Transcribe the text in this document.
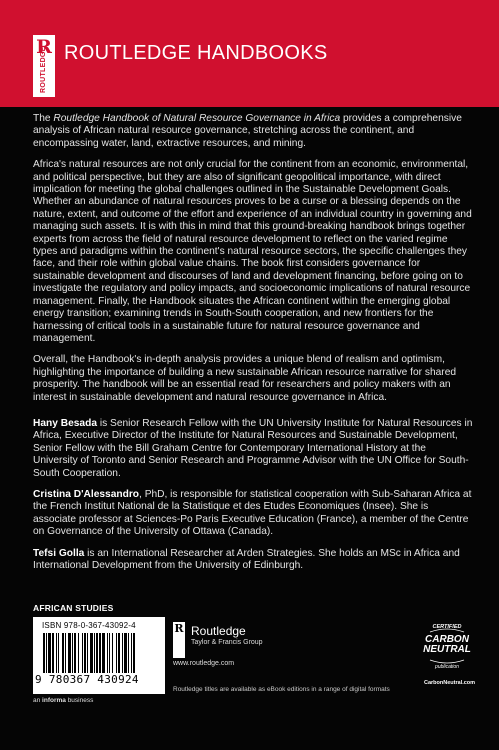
R
ROUTLEDGE ROUTLEDGE HANDBOOKS

The Routledge Handbook of Natural Resource Governance in Africa provides a comprehensive analysis of African natural resource governance, stretching across the continent, and encompassing water, land, extractive resources, and mining.

Africa's natural resources are not only crucial for the continent from an economic, environmental, and political perspective, but they are also of significant geopolitical importance, with direct implication for meeting the global challenges outlined in the Sustainable Development Goals. Whether an abundance of natural resources proves to be a curse or a blessing depends on the nature, extent, and outcome of the effort and experience of an individual country in governing and managing such assets. It is with this in mind that this ground-breaking handbook brings together experts from across the field of natural resource development to reflect on the varied regime types and paradigms within the continent's natural resource sectors, the specific challenges they face, and their role within global value chains. The book first considers governance for sustainable development and discourses of land and development financing, before going on to investigate the regulatory and policy impacts, and socioeconomic implications of natural resource management. Finally, the Handbook situates the African continent within the emerging global energy transition; examining trends in South-South cooperation, and new frontiers for the harnessing of critical tools in a sustainable future for natural resource governance and management.

Overall, the Handbook's in-depth analysis provides a unique blend of realism and optimism, highlighting the importance of building a new sustainable African resource narrative for shared prosperity. The handbook will be an essential read for researchers and policy makers with an interest in sustainable development and natural resource governance in Africa.

Hany Besada is Senior Research Fellow with the UN University Institute for Natural Resources in Africa, Executive Director of the Institute for Natural Resources and Sustainable Development, Senior Fellow with the Bill Graham Centre for Contemporary International History at the University of Toronto and Senior Research and Programme Advisor with the UN Office for South-South Cooperation.

Cristina D'Alessandro, PhD, is responsible for statistical cooperation with Sub-Saharan Africa at the French Institut National de la Statistique et des Etudes Economiques (Insee). She is associate professor at Sciences-Po Paris Executive Education (France), a member of the Centre on Governance of the University of Ottawa (Canada).

Tefsi Golla is an International Researcher at Arden Strategies. She holds an MSc in Africa and International Development from the University of Edinburgh.

AFRICAN STUDIES
ISBN 978-0-367-43092-4
9 780367 430924
an informa business
R Routledge
Taylor & Francis Group
www.routledge.com
Routledge titles are available as eBook editions in a range of digital formats
CERTIFIED
CARBON NEUTRAL
publication
CarbonNeutral.com
